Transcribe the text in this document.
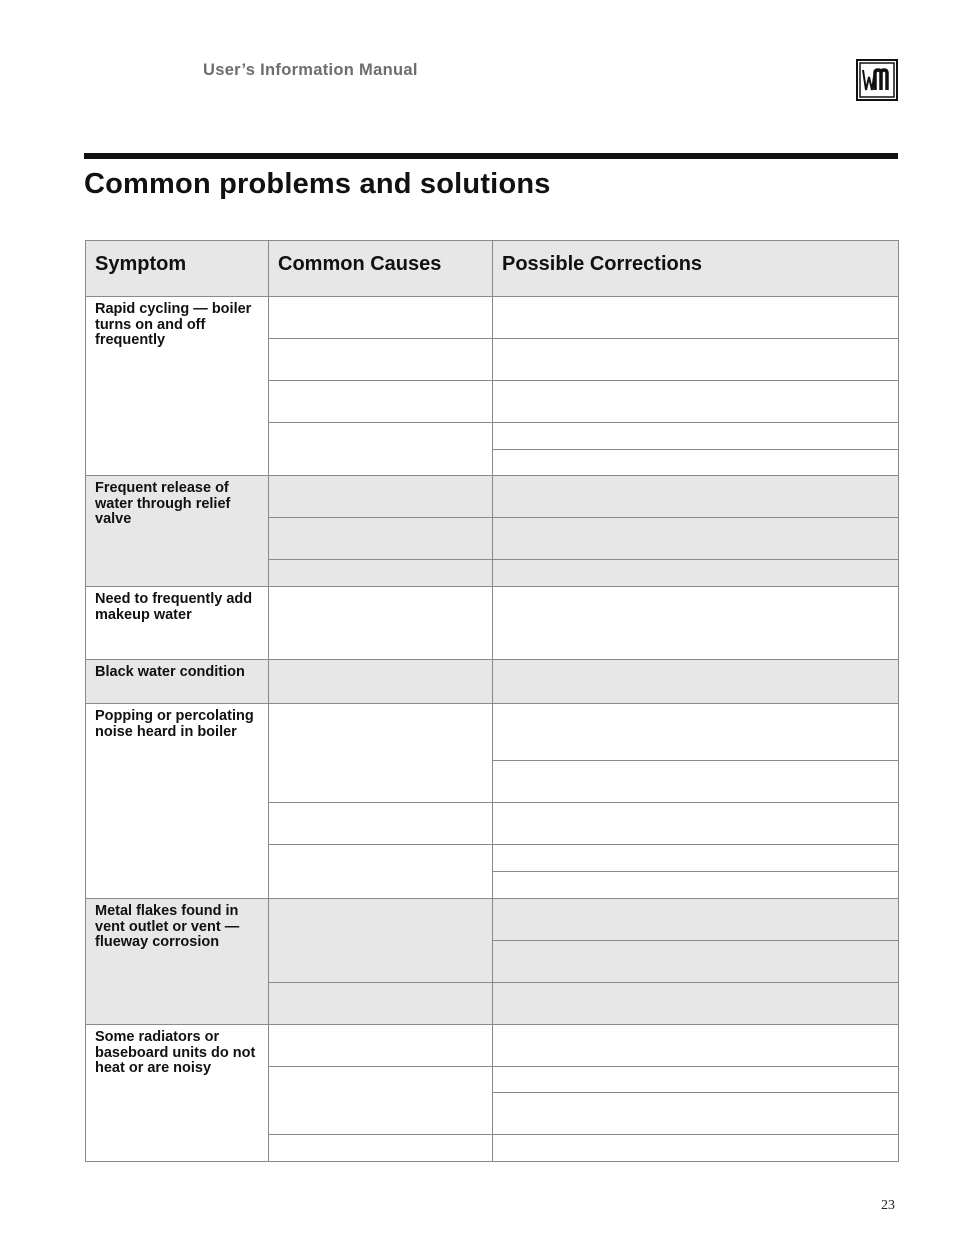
User’s Information Manual
Common problems and solutions
Symptom	Common Causes	Possible Corrections
Rapid cycling — boiler turns on and off frequently
Frequent release of water through relief valve
Need to frequently add makeup water
Black water condition
Popping or percolating noise heard in boiler
Metal flakes found in vent outlet or vent — flueway corrosion
Some radiators or baseboard units do not heat or are noisy
23
